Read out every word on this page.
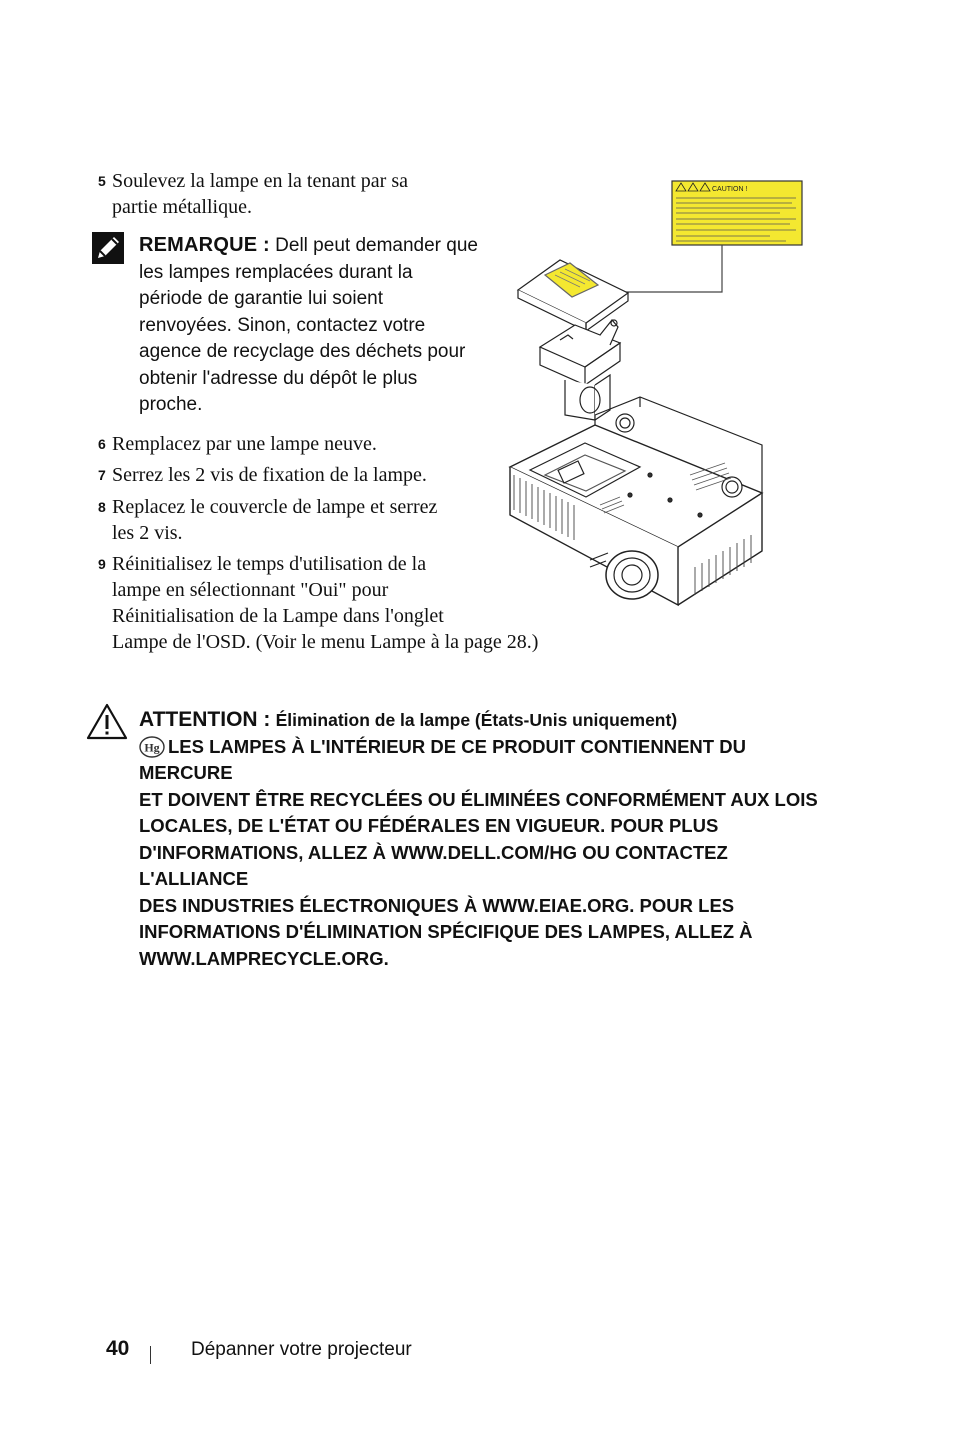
5 Soulevez la lampe en la tenant par sa
partie métallique.
REMARQUE : Dell peut demander que
les lampes remplacées durant la
période de garantie lui soient
renvoyées. Sinon, contactez votre
agence de recyclage des déchets pour
obtenir l'adresse du dépôt le plus
proche.
6 Remplacez par une lampe neuve.
7 Serrez les 2 vis de fixation de la lampe.
8 Replacez le couvercle de lampe et serrez
les 2 vis.
9 Réinitialisez le temps d'utilisation de la
lampe en sélectionnant "Oui" pour
Réinitialisation de la Lampe dans l'onglet
Lampe de l'OSD. (Voir le menu Lampe à la page 28.)
CAUTION !
ATTENTION : Élimination de la lampe (États-Unis uniquement)

Hg LES LAMPES À L'INTÉRIEUR DE CE PRODUIT CONTIENNENT DU MERCURE
ET DOIVENT ÊTRE RECYCLÉES OU ÉLIMINÉES CONFORMÉMENT AUX LOIS
LOCALES, DE L'ÉTAT OU FÉDÉRALES EN VIGUEUR. POUR PLUS
D'INFORMATIONS, ALLEZ À WWW.DELL.COM/HG OU CONTACTEZ L'ALLIANCE
DES INDUSTRIES ÉLECTRONIQUES À WWW.EIAE.ORG. POUR LES
INFORMATIONS D'ÉLIMINATION SPÉCIFIQUE DES LAMPES, ALLEZ À
WWW.LAMPRECYCLE.ORG.
40	Dépanner votre projecteur
